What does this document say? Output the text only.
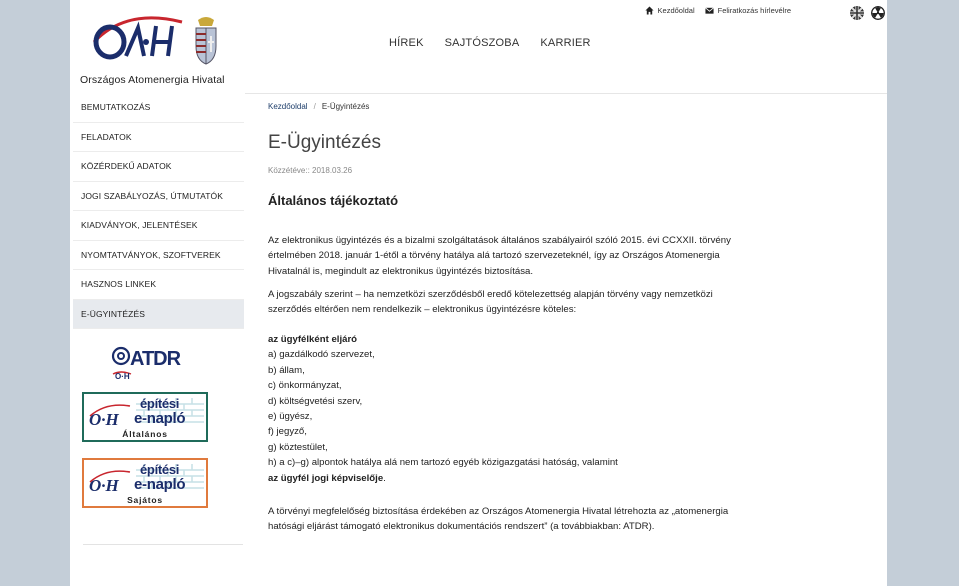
Országos Atomenergia Hivatal
HÍREK SAJTÓSZOBA KARRIER
Kezdőoldal	Feliratkozás hírlevélre
BEMUTATKOZÁS
FELADATOK
KÖZÉRDEKŰ ADATOK
JOGI SZABÁLYOZÁS, ÚTMUTATÓK
KIADVÁNYOK, JELENTÉSEK
NYOMTATVÁNYOK, SZOFTVEREK
HASZNOS LINKEK
E-ÜGYINTÉZÉS
ATDR
O·H
O·H
építési
e-napló
Általános
O·H
építési
e-napló
Sajátos
Kezdőoldal / E-Ügyintézés
E-Ügyintézés
Közzétéve:: 2018.03.26
Általános tájékoztató

Az elektronikus ügyintézés és a bizalmi szolgáltatások általános szabályairól szóló 2015. évi CCXXII. törvény értelmében 2018. január 1-étől a törvény hatálya alá tartozó szervezeteknél, így az Országos Atomenergia Hivatalnál is, megindult az elektronikus ügyintézés biztosítása.

A jogszabály szerint – ha nemzetközi szerződésből eredő kötelezettség alapján törvény vagy nemzetközi szerződés eltérően nem rendelkezik – elektronikus ügyintézésre köteles:

az ügyfélként eljáró
a) gazdálkodó szervezet,
b) állam,
c) önkormányzat,
d) költségvetési szerv,
e) ügyész,
f) jegyző,
g) köztestület,
h) a c)–g) alpontok hatálya alá nem tartozó egyéb közigazgatási hatóság, valamint
az ügyfél jogi képviselője.

A törvényi megfelelőség biztosítása érdekében az Országos Atomenergia Hivatal létrehozta az „atomenergia hatósági eljárást támogató elektronikus dokumentációs rendszert” (a továbbiakban: ATDR).
